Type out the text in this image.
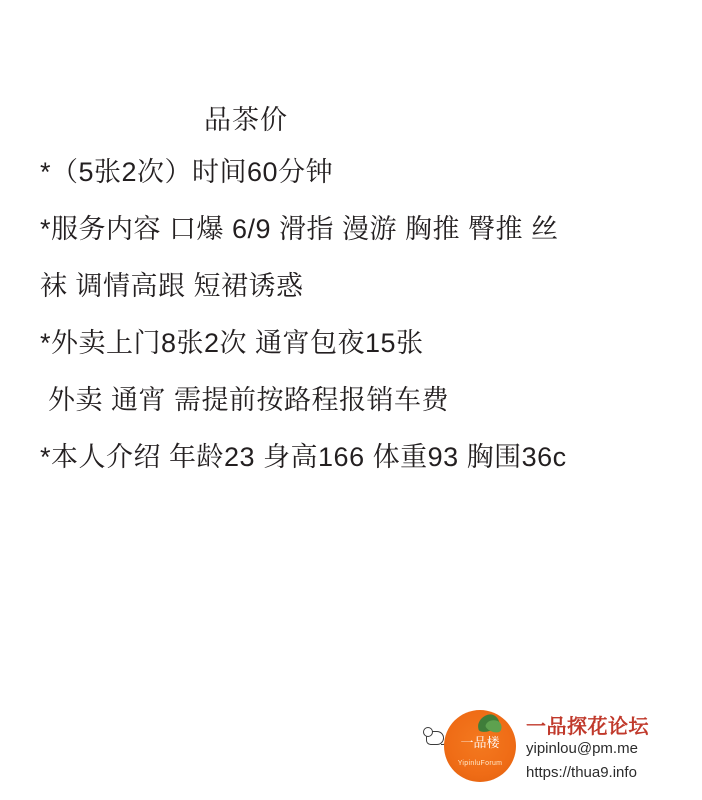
品茶价
*（5张2次）时间60分钟
*服务内容 口爆 6/9 滑指 漫游 胸推 臀推 丝
袜 调情高跟 短裙诱惑
*外卖上门8张2次 通宵包夜15张
外卖 通宵 需提前按路程报销车费
*本人介绍 年龄23 身高166 体重93 胸围36c
一品楼
YipinluForum
一品探花论坛
yipinlou@pm.me
https://thua9.info
